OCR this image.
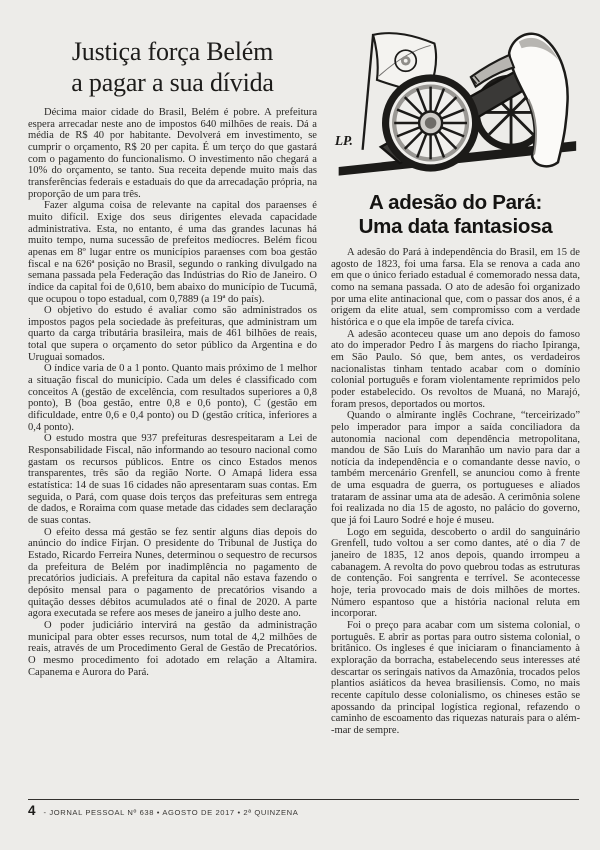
Justiça força Belém
a pagar a sua dívida

Décima maior cidade do Brasil, Belém é pobre. A prefeitura espera arrecadar neste ano de impostos 640 milhões de reais. Dá a média de R$ 40 por habitante. Devolverá em investimento, se cumprir o orçamento, R$ 20 per capita. É um terço do que gastará com o pagamento do funcionalismo. O investimento não chegará a 10% do orçamento, se tanto. Sua receita depende muito mais das transferências federais e estaduais do que da arrecadação própria, na proporção de um para três.

Fazer alguma coisa de relevante na capital dos paraenses é muito difícil. Exige dos seus dirigentes elevada capacidade administrativa. Esta, no entanto, é uma das grandes lacunas há muito tempo, numa sucessão de prefeitos medíocres. Belém ficou apenas em 8º lugar entre os municípios paraenses com boa gestão fiscal e na 626ª posição no Brasil, segundo o ranking divulgado na semana passada pela Federação das Indústrias do Rio de Janeiro. O índice da capital foi de 0,610, bem abaixo do município de Tucumã, que ocupou o topo estadual, com 0,7889 (a 19ª do país).

O objetivo do estudo é avaliar como são administrados os impostos pagos pela sociedade às prefeituras, que administram um quarto da carga tributária brasileira, mais de 461 bilhões de reais, total que supera o orçamento do setor público da Argentina e do Uruguai somados.

O índice varia de 0 a 1 ponto. Quanto mais próximo de 1 melhor a situação fiscal do município. Cada um deles é classificado com conceitos A (gestão de excelência, com resultados superiores a 0,8 ponto), B (boa gestão, entre 0,8 e 0,6 ponto), C (gestão em dificuldade, entre 0,6 e 0,4 ponto) ou D (gestão crítica, inferiores a 0,4 ponto).

O estudo mostra que 937 prefeituras desrespeitaram a Lei de Responsabilidade Fiscal, não informando ao tesouro nacional como gastam os recursos públicos. Entre os cinco Estados menos transparentes, três são da região Norte. O Amapá lidera essa estatística: 14 de suas 16 cidades não apresentaram suas contas. Em seguida, o Pará, com quase dois terços das prefeituras sem entrega de dados, e Roraima com quase metade das cidades sem declaração de suas contas.

O efeito dessa má gestão se fez sentir alguns dias depois do anúncio do índice Firjan. O presidente do Tribunal de Justiça do Estado, Ricardo Ferreira Nunes, determinou o sequestro de recursos da prefeitura de Belém por inadimplência no pagamento de precatórios judiciais. A prefeitura da capital não estava fazendo o depósito mensal para o pagamento de precatórios visando a quitação desses débitos acumulados até o final de 2020. A parte agora executada se refere aos meses de janeiro a julho deste ano.

O poder judiciário intervirá na gestão da administração municipal para obter esses recursos, num total de 4,2 milhões de reais, através de um Procedimento Geral de Gestão de Precatórios. O mesmo procedimento foi adotado em relação a Altamira. Capanema e Aurora do Pará.

LP.
A adesão do Pará:
Uma data fantasiosa

A adesão do Pará à independência do Brasil, em 15 de agosto de 1823, foi uma farsa. Ela se renova a cada ano em que o único feriado estadual é comemorado nessa data, como na semana passada. O ato de adesão foi organizado por uma elite antinacional que, com o passar dos anos, é a origem da elite atual, sem compromisso com a verdade histórica e o que ela impõe de tarefa cívica.

A adesão aconteceu quase um ano depois do famoso ato do imperador Pedro I às margens do riacho Ipiranga, em São Paulo. Só que, bem antes, os verdadeiros nacionalistas tinham tentado acabar com o domínio colonial português e foram violentamente reprimidos pelo poder estabelecido. Os revoltos de Muaná, no Marajó, foram presos, deportados ou mortos.

Quando o almirante inglês Cochrane, “terceirizado” pelo imperador para impor a saída conciliadora da autonomia nacional com dependência metropolitana, mandou de São Luís do Maranhão um navio para dar a notícia da independência e o comandante desse navio, o também mercenário Grenfell, se anunciou como à frente de uma esquadra de guerra, os portugueses e aliados trataram de assinar uma ata de adesão. A cerimônia solene foi realizada no dia 15 de agosto, no palácio do governo, que já foi Lauro Sodré e hoje é museu.

Logo em seguida, descoberto o ardil do sanguinário Grenfell, tudo voltou a ser como dantes, até o dia 7 de janeiro de 1835, 12 anos depois, quando irrompeu a cabanagem. A revolta do povo quebrou todas as estruturas de contenção. Foi sangrenta e terrível. Se acontecesse hoje, teria provocado mais de dois milhões de mortes. Número espantoso que a história nacional reluta em incorporar.

Foi o preço para acabar com um sistema colonial, o português. E abrir as portas para outro sistema colonial, o britânico. Os ingleses é que iniciaram o financiamento à exploração da borracha, estabelecendo seus interesses até descartar os seringais nativos da Amazônia, trocados pelos plantios asiáticos da hevea brasiliensis. Como, no mais recente capítulo desse colonialismo, os chineses estão se apossando da principal logística regional, refazendo o caminho de escoamento das riquezas naturais para o além--mar de sempre.

4 - JORNAL PESSOAL Nº 638 • AGOSTO DE 2017 • 2ª QUINZENA
